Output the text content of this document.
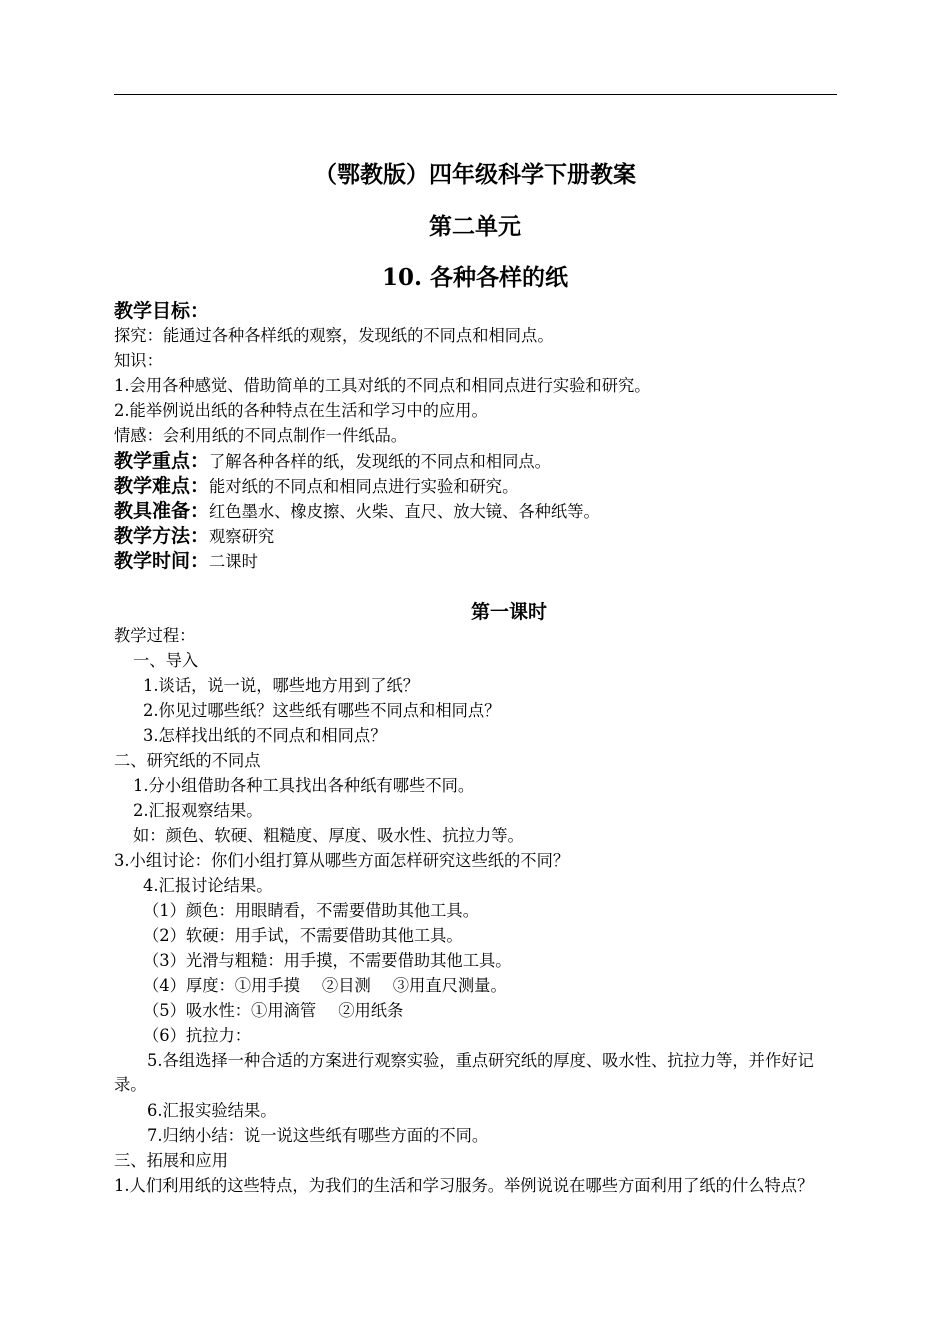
（鄂教版）四年级科学下册教案
第二单元
10. 各种各样的纸
教学目标：
探究：能通过各种各样纸的观察，发现纸的不同点和相同点。
知识：
1.会用各种感觉、借助简单的工具对纸的不同点和相同点进行实验和研究。
2.能举例说出纸的各种特点在生活和学习中的应用。
情感：会利用纸的不同点制作一件纸品。
教学重点：了解各种各样的纸，发现纸的不同点和相同点。
教学难点：能对纸的不同点和相同点进行实验和研究。
教具准备：红色墨水、橡皮擦、火柴、直尺、放大镜、各种纸等。
教学方法：观察研究
教学时间：二课时
第一课时
教学过程：
一、导入
1.谈话，说一说，哪些地方用到了纸？
2.你见过哪些纸？这些纸有哪些不同点和相同点？
3.怎样找出纸的不同点和相同点？
二、研究纸的不同点
1.分小组借助各种工具找出各种纸有哪些不同。
2.汇报观察结果。
如：颜色、软硬、粗糙度、厚度、吸水性、抗拉力等。
3.小组讨论：你们小组打算从哪些方面怎样研究这些纸的不同？
4.汇报讨论结果。
（1）颜色：用眼睛看，不需要借助其他工具。
（2）软硬：用手试，不需要借助其他工具。
（3）光滑与粗糙：用手摸，不需要借助其他工具。
（4）厚度：①用手摸 ②目测 ③用直尺测量。
（5）吸水性：①用滴管 ②用纸条
（6）抗拉力：
5.各组选择一种合适的方案进行观察实验，重点研究纸的厚度、吸水性、抗拉力等，并作好记录。
6.汇报实验结果。
7.归纳小结：说一说这些纸有哪些方面的不同。
三、拓展和应用
1.人们利用纸的这些特点，为我们的生活和学习服务。举例说说在哪些方面利用了纸的什么特点？
